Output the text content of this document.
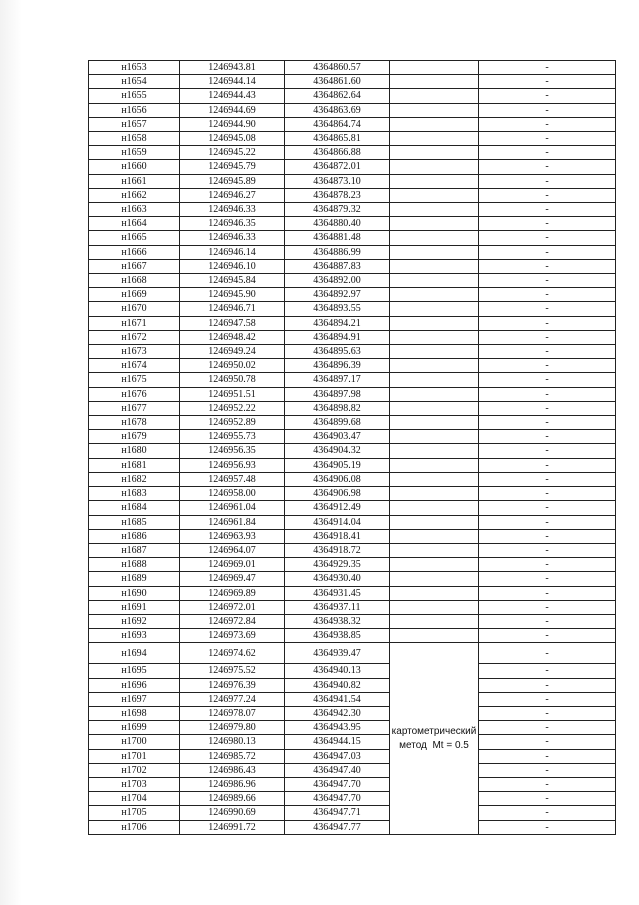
н1653	1246943.81	4364860.57		-
н1654	1246944.14	4364861.60		-
н1655	1246944.43	4364862.64		-
н1656	1246944.69	4364863.69		-
н1657	1246944.90	4364864.74		-
н1658	1246945.08	4364865.81		-
н1659	1246945.22	4364866.88		-
н1660	1246945.79	4364872.01		-
н1661	1246945.89	4364873.10		-
н1662	1246946.27	4364878.23		-
н1663	1246946.33	4364879.32		-
н1664	1246946.35	4364880.40		-
н1665	1246946.33	4364881.48		-
н1666	1246946.14	4364886.99		-
н1667	1246946.10	4364887.83		-
н1668	1246945.84	4364892.00		-
н1669	1246945.90	4364892.97		-
н1670	1246946.71	4364893.55		-
н1671	1246947.58	4364894.21		-
н1672	1246948.42	4364894.91		-
н1673	1246949.24	4364895.63		-
н1674	1246950.02	4364896.39		-
н1675	1246950.78	4364897.17		-
н1676	1246951.51	4364897.98		-
н1677	1246952.22	4364898.82		-
н1678	1246952.89	4364899.68		-
н1679	1246955.73	4364903.47		-
н1680	1246956.35	4364904.32		-
н1681	1246956.93	4364905.19		-
н1682	1246957.48	4364906.08		-
н1683	1246958.00	4364906.98		-
н1684	1246961.04	4364912.49		-
н1685	1246961.84	4364914.04		-
н1686	1246963.93	4364918.41		-
н1687	1246964.07	4364918.72		-
н1688	1246969.01	4364929.35		-
н1689	1246969.47	4364930.40		-
н1690	1246969.89	4364931.45		-
н1691	1246972.01	4364937.11		-
н1692	1246972.84	4364938.32		-
н1693	1246973.69	4364938.85		-
н1694	1246974.62	4364939.47	картометрический
метод  Mt = 0.5	-
н1695	1246975.52	4364940.13		-
н1696	1246976.39	4364940.82		-
н1697	1246977.24	4364941.54		-
н1698	1246978.07	4364942.30		-
н1699	1246979.80	4364943.95		-
н1700	1246980.13	4364944.15		-
н1701	1246985.72	4364947.03		-
н1702	1246986.43	4364947.40		-
н1703	1246986.96	4364947.70		-
н1704	1246989.66	4364947.70		-
н1705	1246990.69	4364947.71		-
н1706	1246991.72	4364947.77		-
